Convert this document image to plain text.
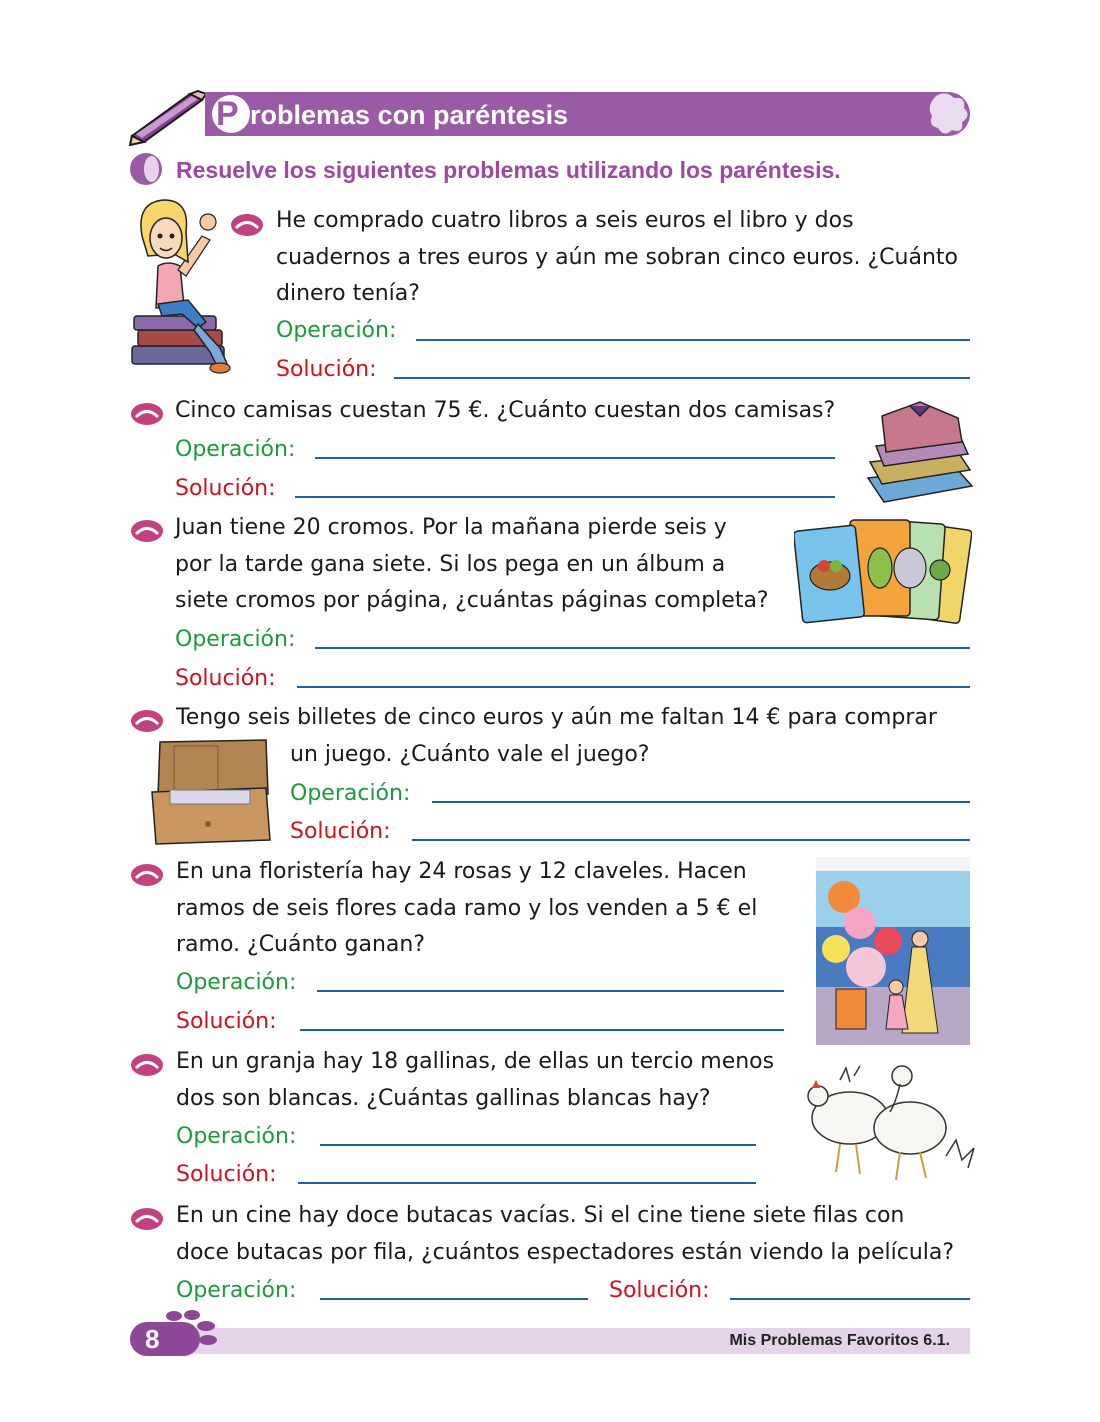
P roblemas con paréntesis
Resuelve los siguientes problemas utilizando los paréntesis.
He comprado cuatro libros a seis euros el libro y dos
cuadernos a tres euros y aún me sobran cinco euros. ¿Cuánto
dinero tenía?
Operación:
Solución:
Cinco camisas cuestan 75 €. ¿Cuánto cuestan dos camisas?
Operación:
Solución:
Juan tiene 20 cromos. Por la mañana pierde seis y
por la tarde gana siete. Si los pega en un álbum a
siete cromos por página, ¿cuántas páginas completa?
Operación:
Solución:
Tengo seis billetes de cinco euros y aún me faltan 14 € para comprar
un juego. ¿Cuánto vale el juego?
Operación:
Solución:
En una floristería hay 24 rosas y 12 claveles. Hacen
ramos de seis flores cada ramo y los venden a 5 € el
ramo. ¿Cuánto ganan?
Operación:
Solución:
En un granja hay 18 gallinas, de ellas un tercio menos
dos son blancas. ¿Cuántas gallinas blancas hay?
Operación:
Solución:
En un cine hay doce butacas vacías. Si el cine tiene siete filas con
doce butacas por fila, ¿cuántos espectadores están viendo la película?
Operación:	Solución:
8	Mis Problemas Favoritos 6.1.
